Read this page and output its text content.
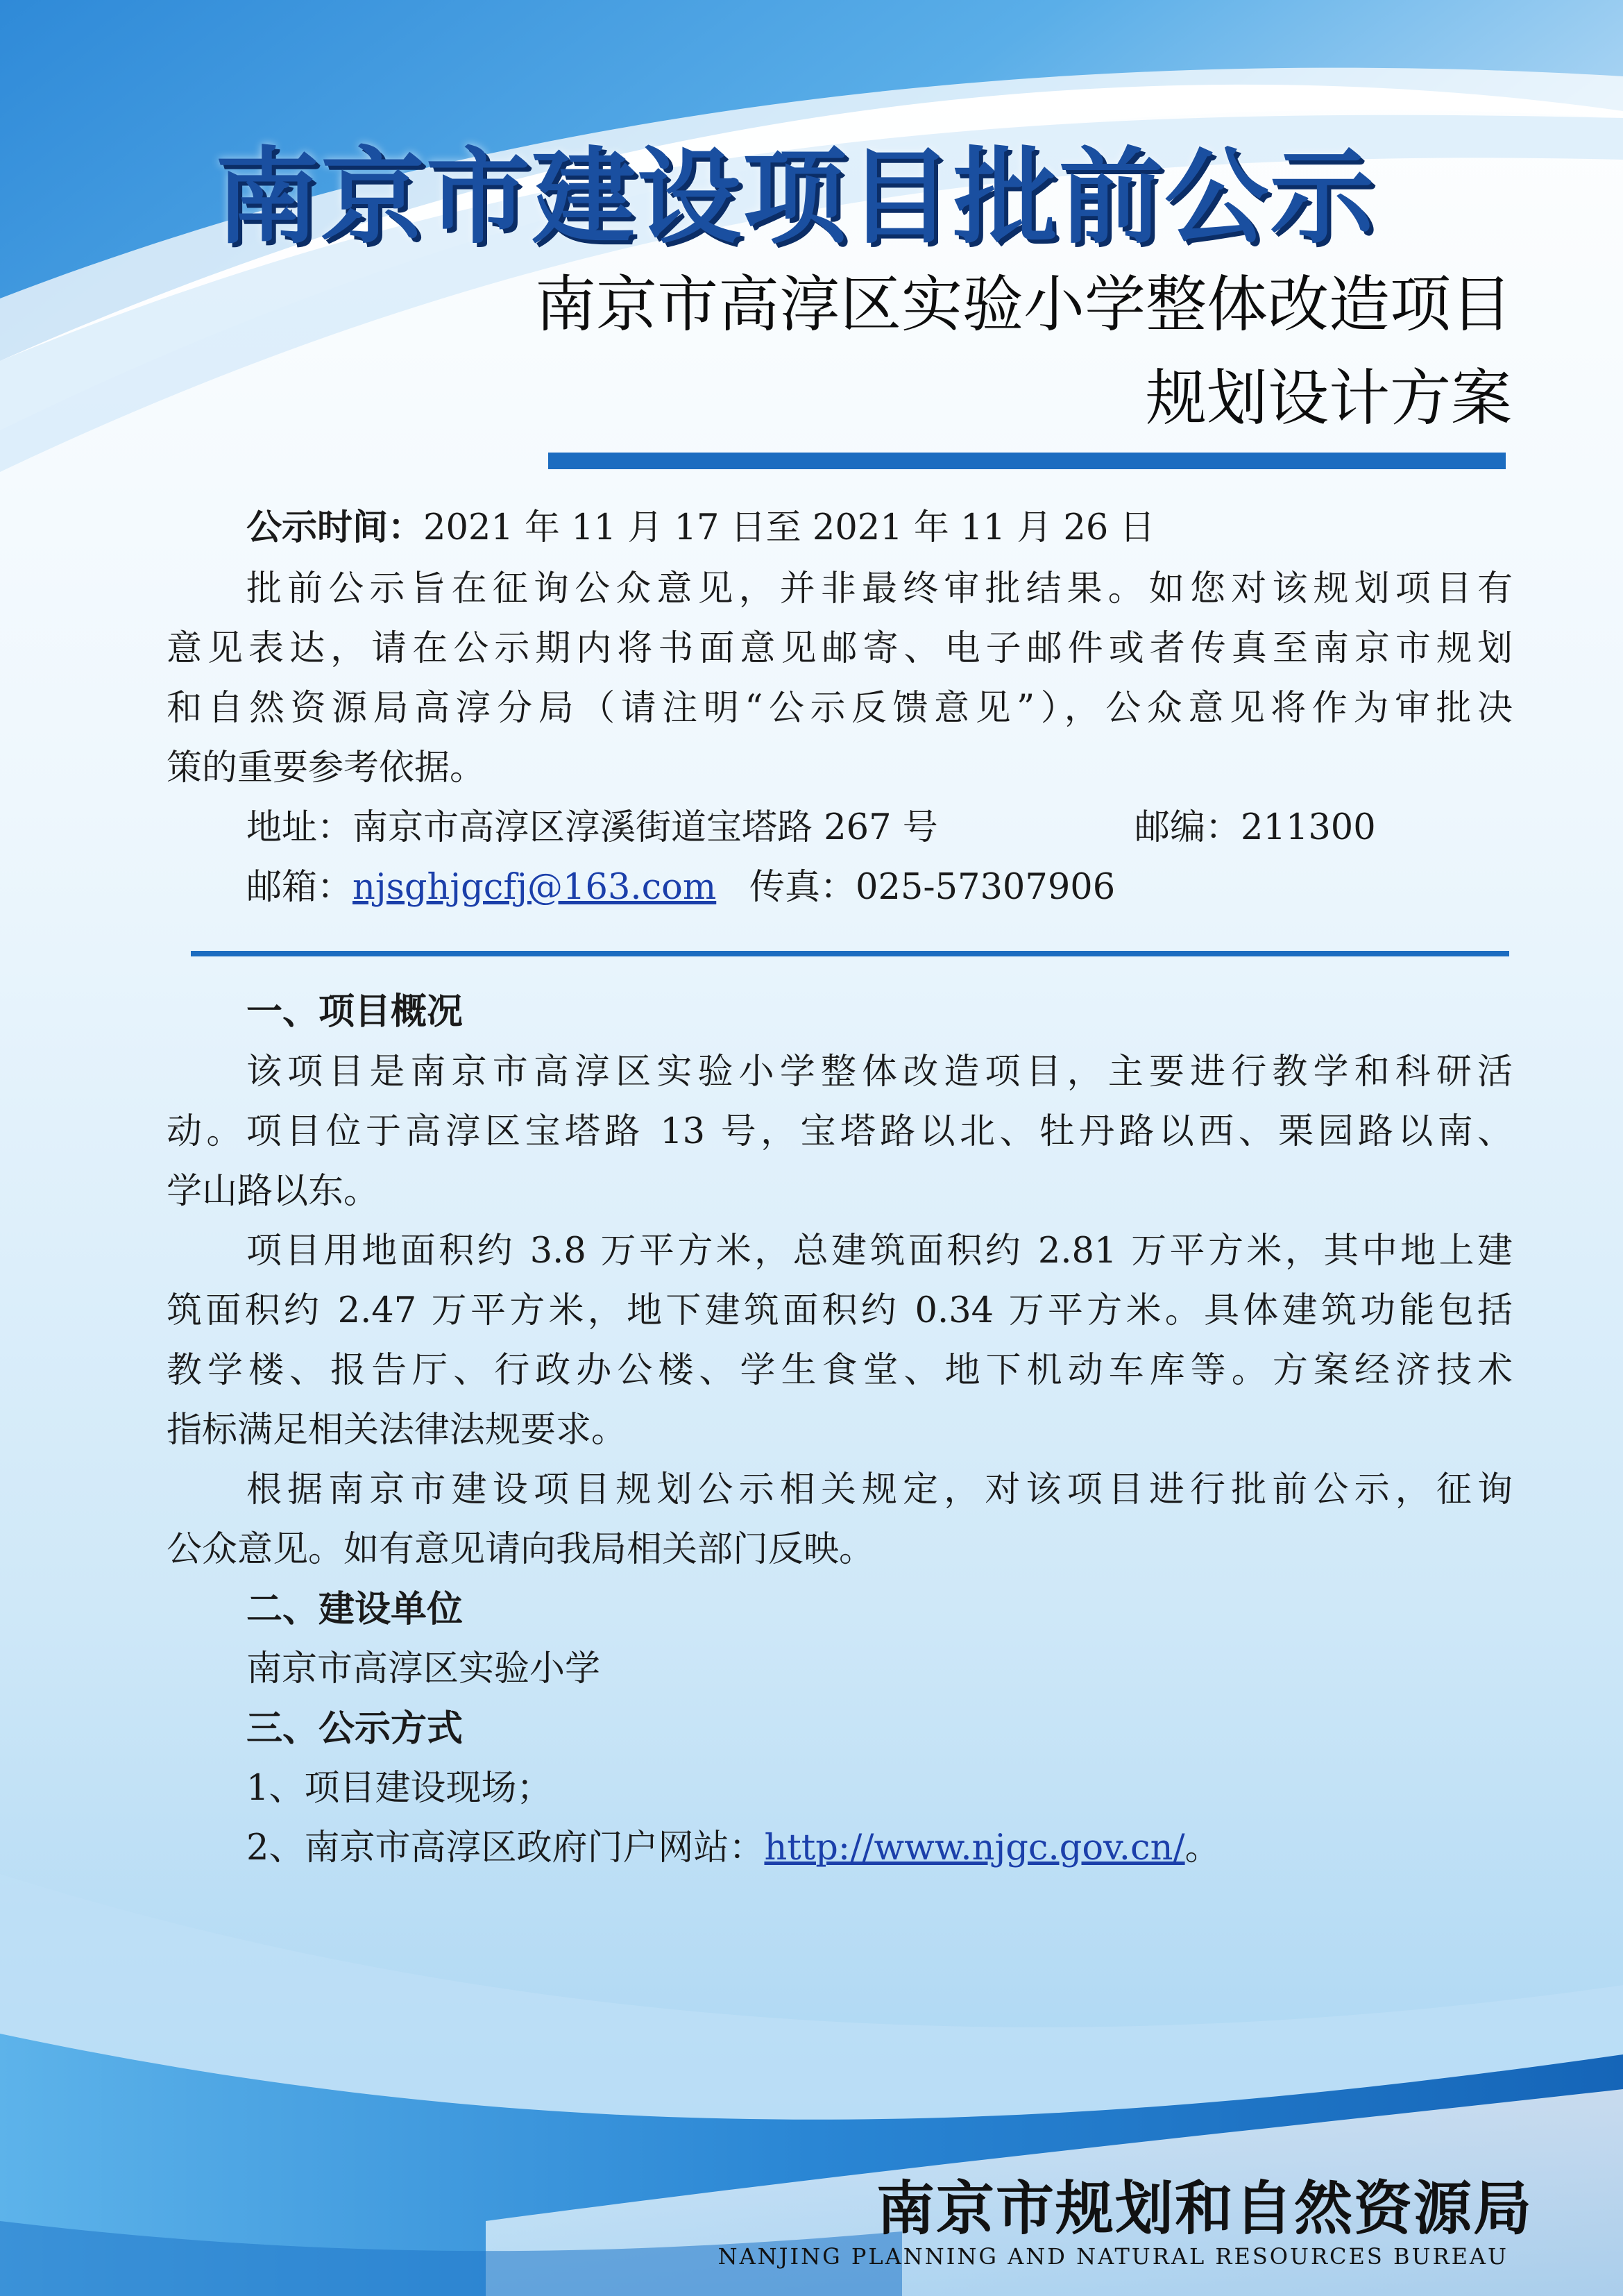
南京市建设项目批前公示
南京市高淳区实验小学整体改造项目
规划设计方案
公示时间：2021 年 11 月 17 日至 2021 年 11 月 26 日
批前公示旨在征询公众意见，并非最终审批结果。如您对该规划项目有
意见表达，请在公示期内将书面意见邮寄、电子邮件或者传真至南京市规划
和自然资源局高淳分局（请注明“公示反馈意见”），公众意见将作为审批决
策的重要参考依据。
地址：南京市高淳区淳溪街道宝塔路 267 号	邮编：211300
邮箱：njsghjgcfj@163.com 传真：025-57307906
一、项目概况
该项目是南京市高淳区实验小学整体改造项目，主要进行教学和科研活
动。项目位于高淳区宝塔路 13 号，宝塔路以北、牡丹路以西、栗园路以南、
学山路以东。
项目用地面积约 3.8 万平方米，总建筑面积约 2.81 万平方米，其中地上建
筑面积约 2.47 万平方米，地下建筑面积约 0.34 万平方米。具体建筑功能包括
教学楼、报告厅、行政办公楼、学生食堂、地下机动车库等。方案经济技术
指标满足相关法律法规要求。
根据南京市建设项目规划公示相关规定，对该项目进行批前公示，征询
公众意见。如有意见请向我局相关部门反映。
二、建设单位
南京市高淳区实验小学
三、公示方式
1、项目建设现场；
2、南京市高淳区政府门户网站：http://www.njgc.gov.cn/。
南京市规划和自然资源局
NANJING PLANNING AND NATURAL RESOURCES BUREAU
